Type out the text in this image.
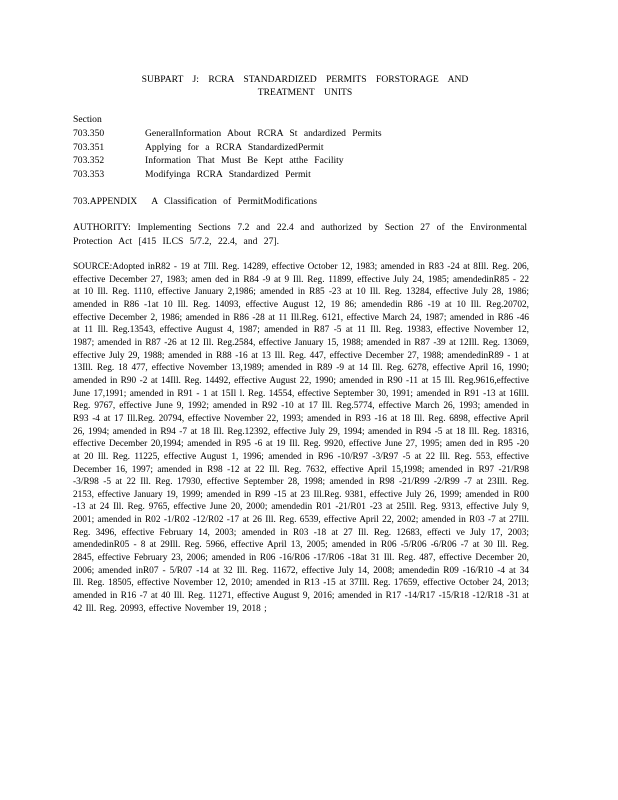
SUBPART J: RCRA STANDARDIZED PERMITS FORSTORAGE AND
TREATMENT UNITS
Section
703.350	GeneralInformation About RCRA St andardized Permits
703.351	Applying for a RCRA StandardizedPermit
703.352	Information That Must Be Kept atthe Facility
703.353	Modifyinga RCRA Standardized Permit
703.APPENDIX A Classification of PermitModifications
AUTHORITY: Implementing Sections 7.2 and 22.4 and authorized by Section 27 of the Environmental Protection Act [415 ILCS 5/7.2, 22.4, and 27].
SOURCE:Adopted inR82 - 19 at 7Ill. Reg. 14289, effective October 12, 1983; amended in R83 -24 at 8Ill. Reg. 206, effective December 27, 1983; amen ded in R84 -9 at 9 Ill. Reg. 11899, effective July 24, 1985; amendedinR85 - 22 at 10 Ill. Reg. 1110, effective January 2,1986; amended in R85 -23 at 10 Ill. Reg. 13284, effective July 28, 1986; amended in R86 -1at 10 Ill. Reg. 14093, effective August 12, 19 86; amendedin R86 -19 at 10 Ill. Reg.20702, effective December 2, 1986; amended in R86 -28 at 11 Ill.Reg. 6121, effective March 24, 1987; amended in R86 -46 at 11 Ill. Reg.13543, effective August 4, 1987; amended in R87 -5 at 11 Ill. Reg. 19383, effective November 12, 1987; amended in R87 -26 at 12 Ill. Reg.2584, effective January 15, 1988; amended in R87 -39 at 12Ill. Reg. 13069, effective July 29, 1988; amended in R88 -16 at 13 Ill. Reg. 447, effective December 27, 1988; amendedinR89 - 1 at 13Ill. Reg. 18 477, effective November 13,1989; amended in R89 -9 at 14 Ill. Reg. 6278, effective April 16, 1990; amended in R90 -2 at 14Ill. Reg. 14492, effective August 22, 1990; amended in R90 -11 at 15 Ill. Reg.9616,effective June 17,1991; amended in R91 - 1 at 15Il l. Reg. 14554, effective September 30, 1991; amended in R91 -13 at 16Ill. Reg. 9767, effective June 9, 1992; amended in R92 -10 at 17 Ill. Reg.5774, effective March 26, 1993; amended in R93 -4 at 17 Ill.Reg. 20794, effective November 22, 1993; amended in R93 -16 at 18 Ill. Reg. 6898, effective April 26, 1994; amended in R94 -7 at 18 Ill. Reg.12392, effective July 29, 1994; amended in R94 -5 at 18 Ill. Reg. 18316, effective December 20,1994; amended in R95 -6 at 19 Ill. Reg. 9920, effective June 27, 1995; amen ded in R95 -20 at 20 Ill. Reg. 11225, effective August 1, 1996; amended in R96 -10/R97 -3/R97 -5 at 22 Ill. Reg. 553, effective December 16, 1997; amended in R98 -12 at 22 Ill. Reg. 7632, effective April 15,1998; amended in R97 -21/R98 -3/R98 -5 at 22 Ill. Reg. 17930, effective September 28, 1998; amended in R98 -21/R99 -2/R99 -7 at 23Ill. Reg. 2153, effective January 19, 1999; amended in R99 -15 at 23 Ill.Reg. 9381, effective July 26, 1999; amended in R00 -13 at 24 Ill. Reg. 9765, effective June 20, 2000; amendedin R01 -21/R01 -23 at 25Ill. Reg. 9313, effective July 9, 2001; amended in R02 -1/R02 -12/R02 -17 at 26 Ill. Reg. 6539, effective April 22, 2002; amended in R03 -7 at 27Ill. Reg. 3496, effective February 14, 2003; amended in R03 -18 at 27 Ill. Reg. 12683, effecti ve July 17, 2003; amendedinR05 - 8 at 29Ill. Reg. 5966, effective April 13, 2005; amended in R06 -5/R06 -6/R06 -7 at 30 Ill. Reg. 2845, effective February 23, 2006; amended in R06 -16/R06 -17/R06 -18at 31 Ill. Reg. 487, effective December 20, 2006; amended inR07 - 5/R07 -14 at 32 Ill. Reg. 11672, effective July 14, 2008; amendedin R09 -16/R10 -4 at 34 Ill. Reg. 18505, effective November 12, 2010; amended in R13 -15 at 37Ill. Reg. 17659, effective October 24, 2013; amended in R16 -7 at 40 Ill. Reg. 11271, effective August 9, 2016; amended in R17 -14/R17 -15/R18 -12/R18 -31 at 42 Ill. Reg. 20993, effective November 19, 2018 ;
